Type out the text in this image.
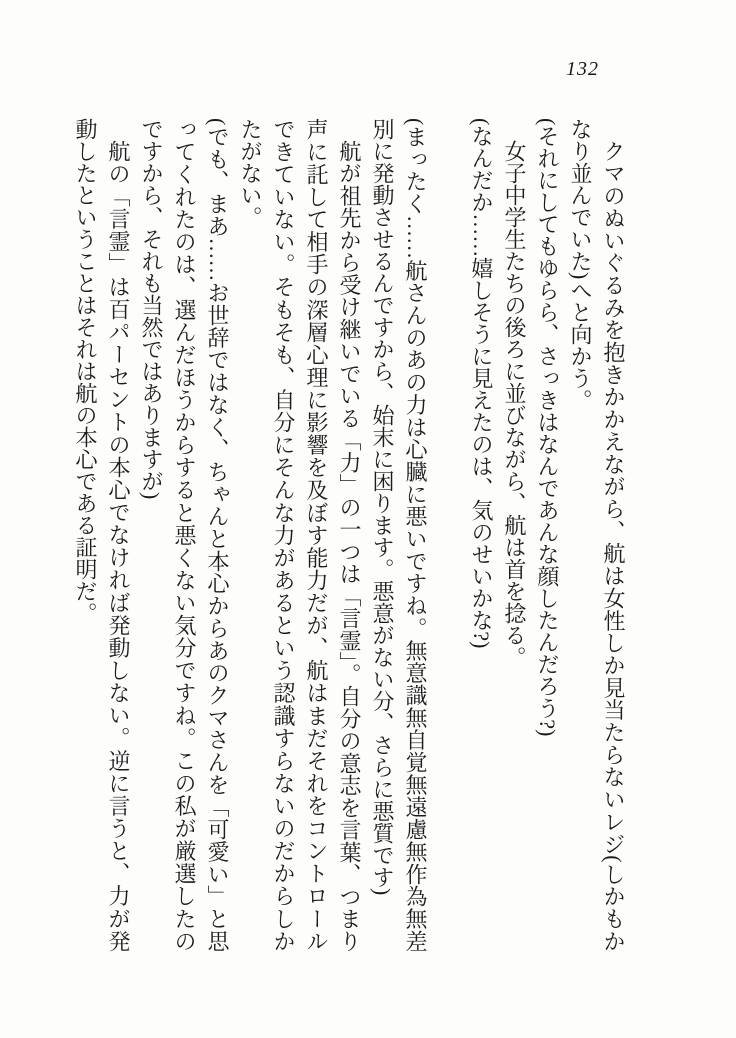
132

クマのぬいぐるみを抱きかかえながら、航は女性しか見当たらないレジ(しかもかなり並んでいた)へと向かう。

(それにしてもゆらら、さっきはなんであんな顔したんだろう?)

女子中学生たちの後ろに並びながら、航は首を捻る。

(なんだか……嬉しそうに見えたのは、気のせいかな?)

(まったく……航さんのあの力は心臓に悪いですね。無意識無自覚無遠慮無作為無差別に発動させるんですから、始末に困ります。悪意がない分、さらに悪質です)

航が祖先から受け継いでいる「力」の一つは「言霊」。自分の意志を言葉、つまり声に託して相手の深層心理に影響を及ぼす能力だが、航はまだそれをコントロールできていない。そもそも、自分にそんな力があるという認識すらないのだからしかたがない。

(でも、まあ……お世辞ではなく、ちゃんと本心からあのクマさんを「可愛い」と思ってくれたのは、選んだほうからすると悪くない気分ですね。この私が厳選したのですから、それも当然ではありますが)

航の「言霊」は百パーセントの本心でなければ発動しない。逆に言うと、力が発動したということはそれは航の本心である証明だ。
